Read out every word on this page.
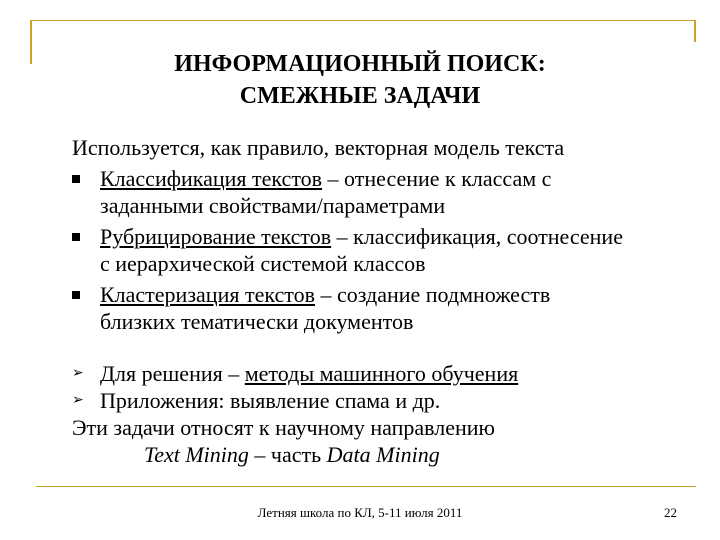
ИНФОРМАЦИОННЫЙ ПОИСК:
СМЕЖНЫЕ ЗАДАЧИ
Используется, как правило, векторная модель текста
Классификация текстов – отнесение к классам с
заданными свойствами/параметрами
Рубрицирование текстов – классификация, соотнесение
с иерархической системой классов
Кластеризация текстов – создание подмножеств
близких тематически документов
➢ Для решения – методы машинного обучения
➢ Приложения: выявление спама и др.
Эти задачи относят к научному направлению
Text Mining – часть Data Mining
Летняя школа по КЛ, 5-11 июля 2011	22
